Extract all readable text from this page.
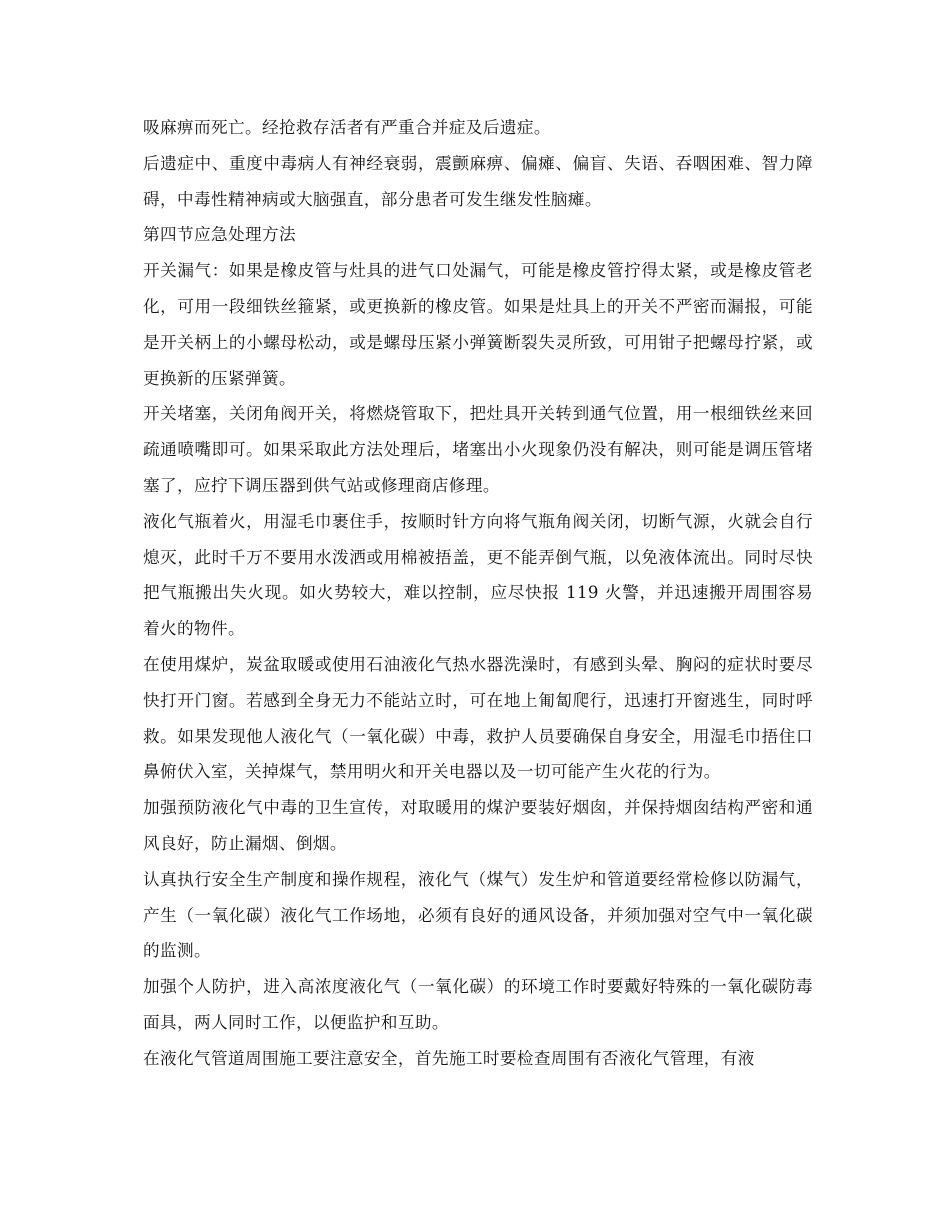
吸麻痹而死亡。经抢救存活者有严重合并症及后遗症。

后遗症中、重度中毒病人有神经衰弱，震颤麻痹、偏瘫、偏盲、失语、吞咽困难、智力障碍，中毒性精神病或大脑强直，部分患者可发生继发性脑瘫。

第四节应急处理方法

开关漏气：如果是橡皮管与灶具的进气口处漏气，可能是橡皮管拧得太紧，或是橡皮管老化，可用一段细铁丝箍紧，或更换新的橡皮管。如果是灶具上的开关不严密而漏报，可能是开关柄上的小螺母松动，或是螺母压紧小弹簧断裂失灵所致，可用钳子把螺母拧紧，或更换新的压紧弹簧。

开关堵塞，关闭角阀开关，将燃烧管取下，把灶具开关转到通气位置，用一根细铁丝来回疏通喷嘴即可。如果采取此方法处理后，堵塞出小火现象仍没有解决，则可能是调压管堵塞了，应拧下调压器到供气站或修理商店修理。

液化气瓶着火，用湿毛巾裹住手，按顺时针方向将气瓶角阀关闭，切断气源，火就会自行熄灭，此时千万不要用水泼洒或用棉被捂盖，更不能弄倒气瓶，以免液体流出。同时尽快把气瓶搬出失火现。如火势较大，难以控制，应尽快报 119 火警，并迅速搬开周围容易着火的物件。

在使用煤炉，炭盆取暖或使用石油液化气热水器洗澡时，有感到头晕、胸闷的症状时要尽快打开门窗。若感到全身无力不能站立时，可在地上匍匐爬行，迅速打开窗逃生，同时呼救。如果发现他人液化气（一氧化碳）中毒，救护人员要确保自身安全，用湿毛巾捂住口鼻俯伏入室，关掉煤气，禁用明火和开关电器以及一切可能产生火花的行为。

加强预防液化气中毒的卫生宣传，对取暖用的煤沪要装好烟囱，并保持烟囱结构严密和通风良好，防止漏烟、倒烟。

认真执行安全生产制度和操作规程，液化气（煤气）发生炉和管道要经常检修以防漏气，产生（一氧化碳）液化气工作场地，必须有良好的通风设备，并须加强对空气中一氧化碳的监测。

加强个人防护，进入高浓度液化气（一氧化碳）的环境工作时要戴好特殊的一氧化碳防毒面具，两人同时工作，以便监护和互助。

在液化气管道周围施工要注意安全，首先施工时要检查周围有否液化气管理，有液
